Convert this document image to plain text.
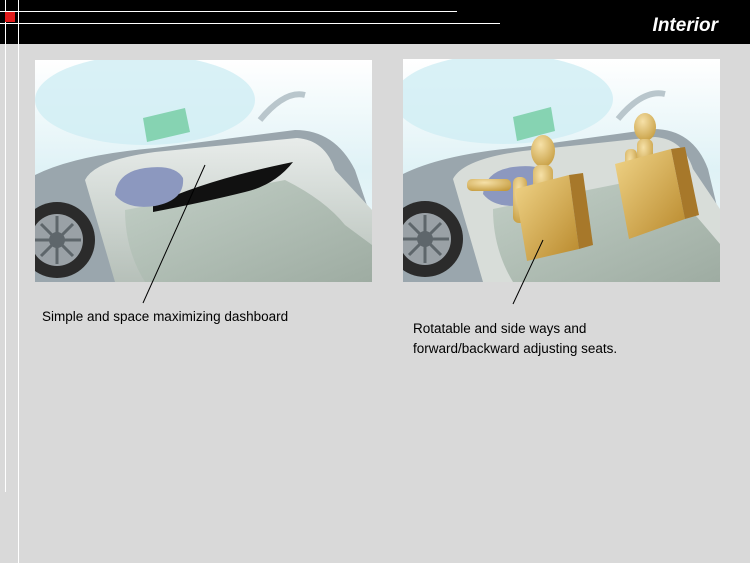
Interior
Simple and space maximizing dashboard
Rotatable and side ways and
forward/backward adjusting seats.
